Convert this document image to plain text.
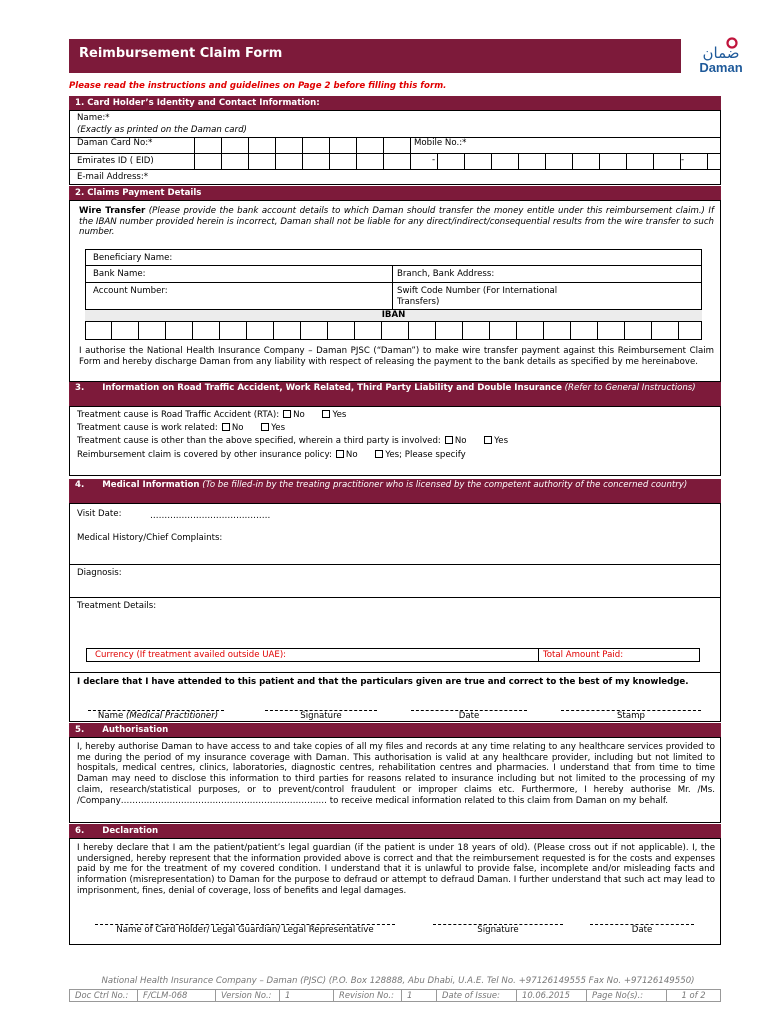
Reimbursement Claim Form	ضمان
Daman
Please read the instructions and guidelines on Page 2 before filling this form.
1. Card Holder’s Identity and Contact Information:
Name:*
(Exactly as printed on the Daman card)
Daman Card No:*	Mobile No.:*
Emirates ID ( EID)	-	-
E-mail Address:*
2. Claims Payment Details
Wire Transfer (Please provide the bank account details to which Daman should transfer the money entitle under this reimbursement claim.) If the IBAN number provided herein is incorrect, Daman shall not be liable for any direct/indirect/consequential results from the wire transfer to such number.
Beneficiary Name:
Bank Name:	Branch, Bank Address:
Account Number:	Swift Code Number (For International Transfers)
IBAN
I authorise the National Health Insurance Company – Daman PJSC (“Daman”) to make wire transfer payment against this Reimbursement Claim Form and hereby discharge Daman from any liability with respect of releasing the payment to the bank details as specified by me hereinabove.
3. Information on Road Traffic Accident, Work Related, Third Party Liability and Double Insurance (Refer to General Instructions)
Treatment cause is Road Traffic Accident (RTA): No	Yes
Treatment cause is work related: No	Yes
Treatment cause is other than the above specified, wherein a third party is involved: No	Yes
Reimbursement claim is covered by other insurance policy: No	Yes; Please specify
4. Medical Information (To be filled-in by the treating practitioner who is licensed by the competent authority of the concerned country)
Visit Date:	……………………………………
Medical History/Chief Complaints:
Diagnosis:
Treatment Details:
Currency (If treatment availed outside UAE):	Total Amount Paid:
I declare that I have attended to this patient and that the particulars given are true and correct to the best of my knowledge.
Name (Medical Practitioner)	Signature	Date	Stamp
5. Authorisation
I, hereby authorise Daman to have access to and take copies of all my files and records at any time relating to any healthcare services provided to me during the period of my insurance coverage with Daman. This authorisation is valid at any healthcare provider, including but not limited to hospitals, medical centres, clinics, laboratories, diagnostic centres, rehabilitation centres and pharmacies. I understand that from time to time Daman may need to disclose this information to third parties for reasons related to insurance including but not limited to the processing of my claim, research/statistical purposes, or to prevent/control fraudulent or improper claims etc. Furthermore, I hereby authorise Mr. /Ms. /Company……………………………………………………………… to receive medical information related to this claim from Daman on my behalf.
6. Declaration
I hereby declare that I am the patient/patient’s legal guardian (if the patient is under 18 years of old). (Please cross out if not applicable). I, the undersigned, hereby represent that the information provided above is correct and that the reimbursement requested is for the costs and expenses paid by me for the treatment of my covered condition. I understand that it is unlawful to provide false, incomplete and/or misleading facts and information (misrepresentation) to Daman for the purpose to defraud or attempt to defraud Daman. I further understand that such act may lead to imprisonment, fines, denial of coverage, loss of benefits and legal damages.
Name of Card Holder/ Legal Guardian/ Legal Representative	Signature	Date
National Health Insurance Company – Daman (PJSC) (P.O. Box 128888, Abu Dhabi, U.A.E. Tel No. +97126149555 Fax No. +97126149550)
Doc Ctrl No.:	F/CLM-068	Version No.:	1	Revision No.:	1	Date of Issue:	10.06.2015	Page No(s).:	1 of 2
